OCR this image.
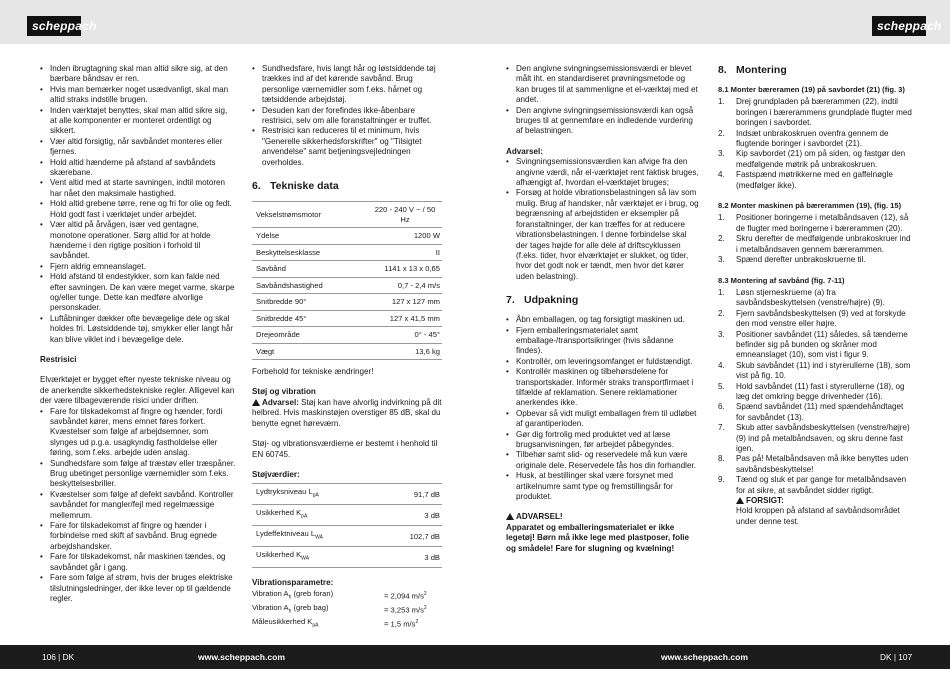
scheppach	scheppach
• Inden ibrugtagning skal man altid sikre sig, at den bærbare båndsav er ren.
• Hvis man bemærker noget usædvanligt, skal man altid straks indstille brugen.
• Inden værktøjet benyttes, skal man altid sikre sig, at alle komponenter er monteret ordentligt og sikkert.
• Vær altid forsigtig, når savbåndet monteres eller fjernes.
• Hold altid hænderne på afstand af savbåndets skærebane.
• Vent altid med at starte savningen, indtil motoren har nået den maksimale hastighed.
• Hold altid grebene tørre, rene og fri for olie og fedt. Hold godt fast i værktøjet under arbejdet.
• Vær altid på årvågen, især ved gentagne, monotone operationer. Sørg altid for at holde hænderne i den rigtige position i forhold til savbåndet.
• Fjern aldrig emneanslaget.
• Hold afstand til endestykker, som kan falde ned efter savningen. De kan være meget varme, skarpe og/eller tunge. Dette kan medføre alvorlige personskader.
• Luftåbninger dækker ofte bevægelige dele og skal holdes fri. Løstsiddende tøj, smykker eller langt hår kan blive viklet ind i bevægelige dele.

Restrisici

Elværktøjet er bygget efter nyeste tekniske niveau og de anerkendte sikkerhedstekniske regler. Alligevel kan der være tilbageværende risici under driften.

• Fare for tilskadekomst af fingre og hænder, fordi savbåndet kører, mens emnet føres forkert. Kvæstelser som følge af arbejdsemner, som slynges ud p.g.a. usagkyndig fastholdelse eller føring, som f.eks. arbejde uden anslag.
• Sundhedsfare som følge af træstøv eller træspåner. Brug ubetinget personlige værnemidler som f.eks. beskyttelsesbriller.
• Kvæstelser som følge af defekt savbånd. Kontroller savbåndet for mangler/fejl med regelmæssige mellemrum.
• Fare for tilskadekomst af fingre og hænder i forbindelse med skift af savbånd. Brug egnede arbejdshandsker.
• Fare for tilskadekomst, når maskinen tændes, og savbåndet går i gang.
• Fare som følge af strøm, hvis der bruges elektriske tilslutningsledninger, der ikke lever op til gældende regler.
• Sundhedsfare, hvis langt hår og løstsiddende tøj trækkes ind af det kørende savbånd. Brug personlige værnemidler som f.eks. hårnet og tætsiddende arbejdstøj.
• Desuden kan der forefindes ikke-åbenbare restrisici, selv om alle foranstaltninger er truffet.
• Restrisici kan reduceres til et minimum, hvis "Generelle sikkerhedsforskrifter" og "Tilsigtet anvendelse" samt betjeningsvejledningen overholdes.
6. Tekniske data
Vekselstrømsmotor	220 - 240 V ~ / 50 Hz
Ydelse	1200 W
Beskyttelsesklasse	II
Savbånd	1141 x 13 x 0,65
Savbåndshastighed	0,7 - 2,4 m/s
Snitbredde 90°	127 x 127 mm
Snitbredde 45°	127 x 41,5 mm
Drejeområde	0° - 45°
Vægt	13,6 kg

Forbehold for tekniske ændringer!

Støj og vibration

Advarsel: Støj kan have alvorlig indvirkning på dit helbred. Hvis maskinstøjen overstiger 85 dB, skal du benytte egnet høreværn.

Støj- og vibrationsværdierne er bestemt i henhold til EN 60745.

Støjværdier:

Lydtryksniveau $L_{pA}$	91,7 dB
Usikkerhed $K_{pA}$	3 dB
Lydeffektniveau $L_{WA}$	102,7 dB
Usikkerhed $K_{WA}$	3 dB

Vibrationsparametre:

Vibration $A_h$ (greb foran)	= 2,094 $m/s^2$
Vibration $A_h$ (greb bag)	= 3,253 $m/s^2$
Måleusikkerhed $K_{pA}$	= 1,5 $m/s^2$
• Den angivne svingningsemissionsværdi er blevet målt iht. en standardiseret prøvningsmetode og kan bruges til at sammenligne et el-værktøj med et andet.
• Den angivne svingningsemissionsværdi kan også bruges til at gennemføre en indledende vurdering af belastningen.

Advarsel:

• Svingningsemissionsværdien kan afvige fra den angivne værdi, når el-værktøjet rent faktisk bruges, afhængigt af, hvordan el-værktøjet bruges;
• Forsøg at holde vibrationsbelastningen så lav som mulig. Brug af handsker, når værktøjet er i brug, og begrænsning af arbejdstiden er eksempler på foranstaltninger, der kan træffes for at reducere vibrationsbelastningen. I denne forbindelse skal der tages højde for alle dele af driftscyklussen (f.eks. tider, hvor elværktøjet er slukket, og tider, hvor det godt nok er tændt, men hvor det kører uden belastning).
7. Udpakning
• Åbn emballagen, og tag forsigtigt maskinen ud.
• Fjern emballeringsmaterialet samt emballage-/transportsikringer (hvis sådanne findes).
• Kontrollér, om leveringsomfanget er fuldstændigt.
• Kontrollér maskinen og tilbehørsdelene for transportskader. Informér straks transportfirmaet i tilfælde af reklamation. Senere reklamationer anerkendes ikke.
• Opbevar så vidt muligt emballagen frem til udløbet af garantiperioden.
• Gør dig fortrolig med produktet ved at læse brugsanvisningen, før arbejdet påbegyndes.
• Tilbehør samt slid- og reservedele må kun være originale dele. Reservedele fås hos din forhandler.
• Husk, at bestillinger skal være forsynet med artikelnumre samt type og fremstillingsår for produktet.

ADVARSEL!

Apparatet og emballeringsmaterialet er ikke legetøj! Børn må ikke lege med plastposer, folie og smådele! Fare for slugning og kvælning!

8. Montering

8.1 Monter bæreramen (19) på savbordet (21) (fig. 3)

1. Drej grundpladen på bærerammen (22), indtil boringen i bærerammens grundplade flugter med boringen i savbordet.
2. Indsæt unbrakoskruen ovenfra gennem de flugtende boringer i savbordet (21).
3. Kip savbordet (21) om på siden, og fastgør den medfølgende møtrik på unbrakoskruen.
4. Fastspænd møtrikkerne med en gaffelnøgle (medfølger ikke).

8.2 Monter maskinen på bærerammen (19), (fig. 15)

1. Positioner boringerne i metalbåndsaven (12), så de flugter med boringerne i bærerammen (20).
2. Skru derefter de medfølgende unbrakoskruer ind i metalbåndsaven gennem bærerammen.
3. Spænd derefter unbrakoskruerne til.

8.3 Montering af savbånd (fig. 7-11)

1. Løsn stjerneskruerne (a) fra savbåndsbeskyttelsen (venstre/højre) (9).
2. Fjern savbåndsbeskyttelsen (9) ved at forskyde den mod venstre eller højre.
3. Positioner savbåndet (11) således, så tænderne befinder sig på bunden og skråner mod emneanslaget (10), som vist i figur 9.
4. Skub savbåndet (11) ind i styrerullerne (18), som vist på fig. 10.
5. Hold savbåndet (11) fast i styrerullerne (18), og læg det omkring begge drivenheder (16).
6. Spænd savbåndet (11) med spændehåndtaget for savbåndet (13).
7. Skub atter savbåndsbeskyttelsen (venstre/højre) (9) ind på metalbåndsaven, og skru denne fast igen.
8. Pas på! Metalbåndsaven må ikke benyttes uden savbåndsbeskyttelse!
9. Tænd og sluk et par gange for metalbåndsaven for at sikre, at savbåndet sidder rigtigt.

FORSIGT:

Hold kroppen på afstand af savbåndsområdet under denne test.

106 | DK	www.scheppach.com	www.scheppach.com	DK | 107
